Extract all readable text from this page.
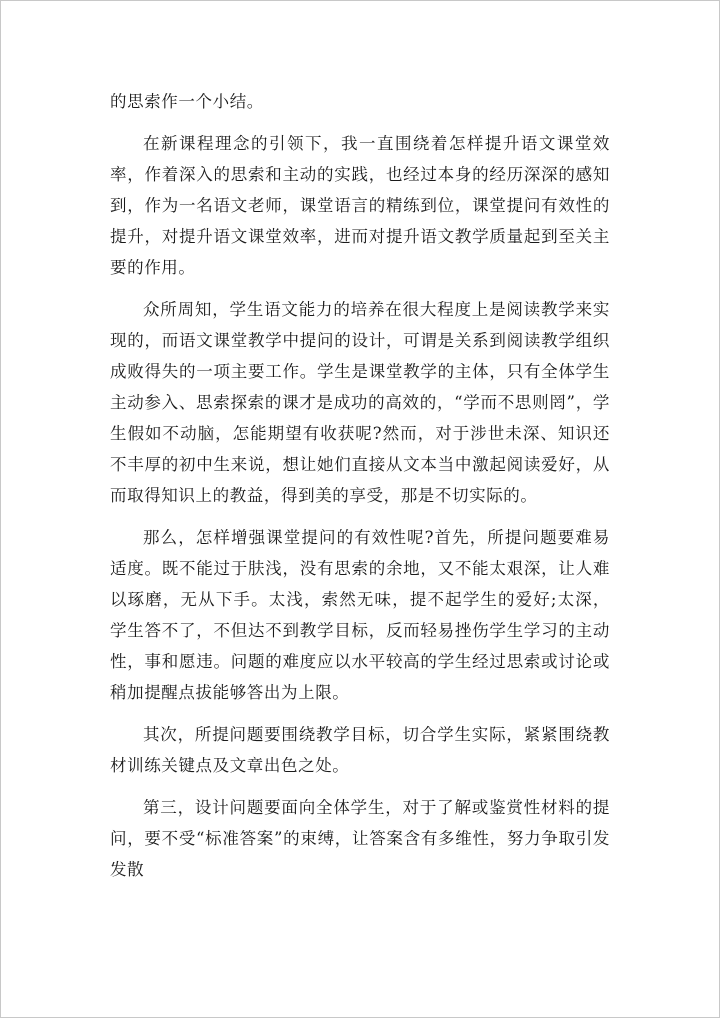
的思索作一个小结。

在新课程理念的引领下，我一直围绕着怎样提升语文课堂效率，作着深入的思索和主动的实践，也经过本身的经历深深的感知到，作为一名语文老师，课堂语言的精练到位，课堂提问有效性的提升，对提升语文课堂效率，进而对提升语文教学质量起到至关主要的作用。

众所周知，学生语文能力的培养在很大程度上是阅读教学来实现的，而语文课堂教学中提问的设计，可谓是关系到阅读教学组织成败得失的一项主要工作。学生是课堂教学的主体，只有全体学生主动参入、思索探索的课才是成功的高效的，“学而不思则罔”，学生假如不动脑，怎能期望有收获呢?然而，对于涉世未深、知识还不丰厚的初中生来说，想让她们直接从文本当中激起阅读爱好，从而取得知识上的教益，得到美的享受，那是不切实际的。

那么，怎样增强课堂提问的有效性呢?首先，所提问题要难易适度。既不能过于肤浅，没有思索的余地，又不能太艰深，让人难以琢磨，无从下手。太浅，索然无味，提不起学生的爱好;太深，学生答不了，不但达不到教学目标，反而轻易挫伤学生学习的主动性，事和愿违。问题的难度应以水平较高的学生经过思索或讨论或稍加提醒点拔能够答出为上限。

其次，所提问题要围绕教学目标，切合学生实际，紧紧围绕教材训练关键点及文章出色之处。

第三，设计问题要面向全体学生，对于了解或鉴赏性材料的提问，要不受“标准答案”的束缚，让答案含有多维性，努力争取引发发散
